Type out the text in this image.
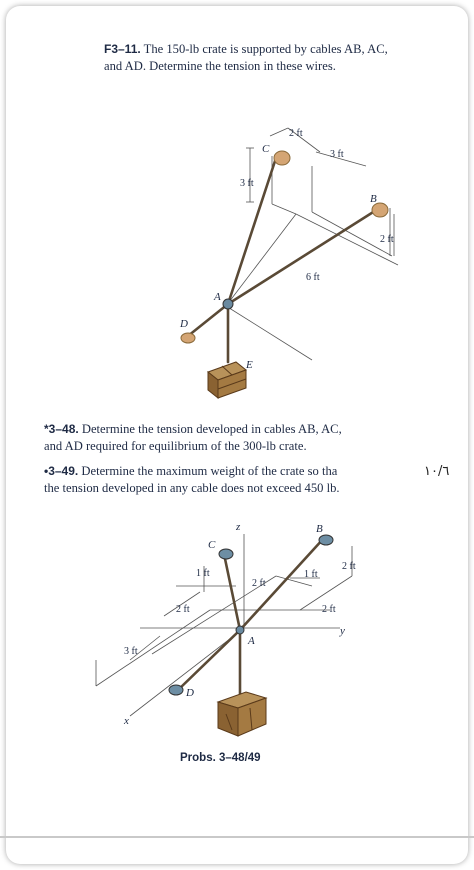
F3–11. The 150-lb crate is supported by cables AB, AC,
and AD. Determine the tension in these wires.
C
B
A
D
E
2 ft
3 ft
3 ft
2 ft
6 ft
*3–48. Determine the tension developed in cables AB, AC,
and AD required for equilibrium of the 300-lb crate.
•3–49. Determine the maximum weight of the crate so tha
the tension developed in any cable does not exceed 450 lb.
١٠/٦
z
C
B
A
D
x
y
1 ft
2 ft
1 ft
2 ft
2 ft	2 ft
3 ft
Probs. 3–48/49
